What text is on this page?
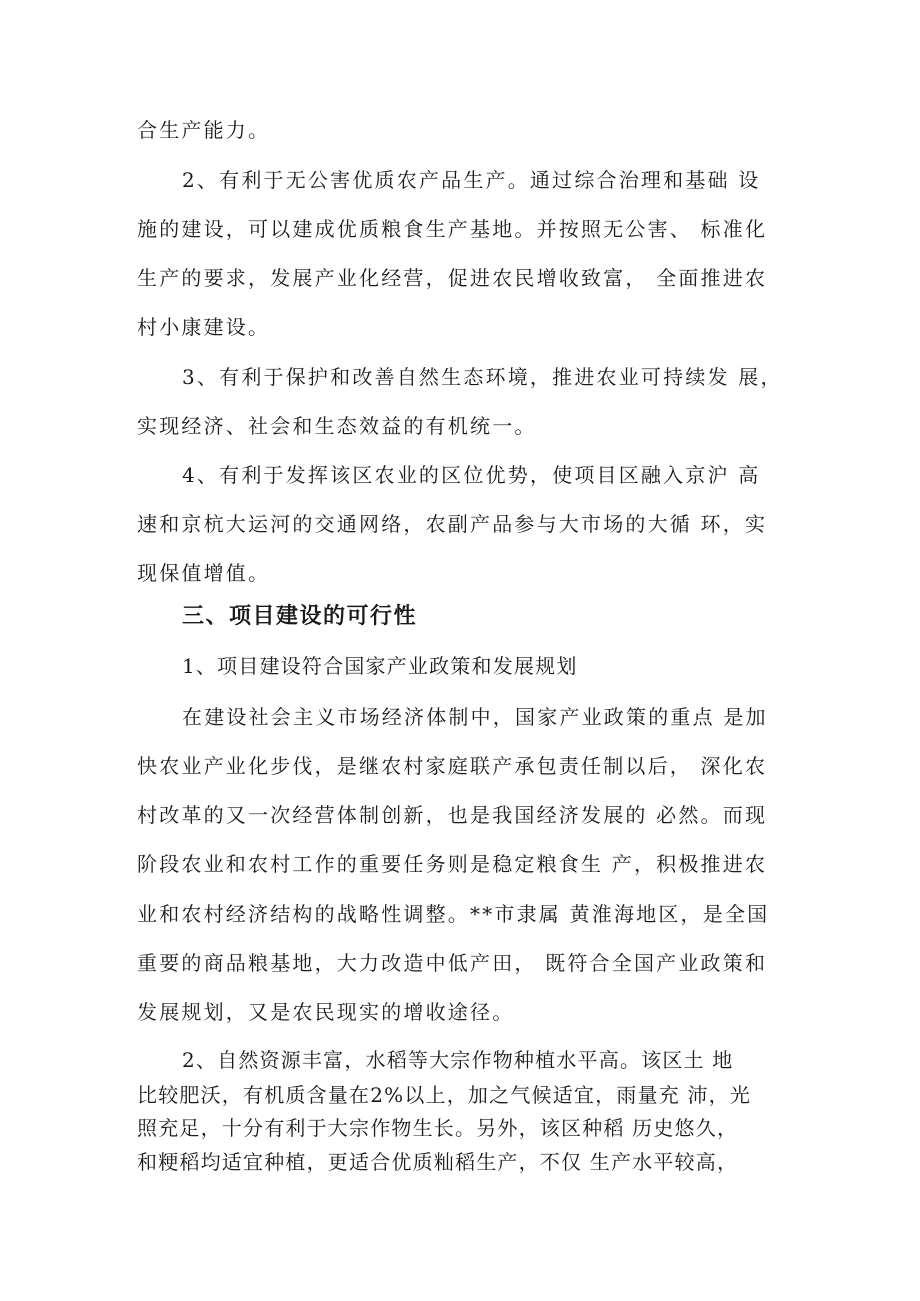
合生产能力。

2、有利于无公害优质农产品生产。通过综合治理和基础 设

施的建设，可以建成优质粮食生产基地。并按照无公害、 标准化

生产的要求，发展产业化经营，促进农民增收致富， 全面推进农

村小康建设。

3、有利于保护和改善自然生态环境，推进农业可持续发 展，

实现经济、社会和生态效益的有机统一。

4、有利于发挥该区农业的区位优势，使项目区融入京沪 高

速和京杭大运河的交通网络，农副产品参与大市场的大循 环，实

现保值增值。

三、项目建设的可行性

1、项目建设符合国家产业政策和发展规划

在建设社会主义市场经济体制中，国家产业政策的重点 是加

快农业产业化步伐，是继农村家庭联产承包责任制以后， 深化农

村改革的又一次经营体制创新，也是我国经济发展的 必然。而现

阶段农业和农村工作的重要任务则是稳定粮食生 产，积极推进农

业和农村经济结构的战略性调整。**市隶属 黄淮海地区，是全国

重要的商品粮基地，大力改造中低产田， 既符合全国产业政策和

发展规划，又是农民现实的增收途径。

2、自然资源丰富，水稻等大宗作物种植水平高。该区土 地

比较肥沃，有机质含量在2%以上，加之气候适宜，雨量充 沛，光

照充足，十分有利于大宗作物生长。另外，该区种稻 历史悠久，

和粳稻均适宜种植，更适合优质籼稻生产，不仅 生产水平较高，
